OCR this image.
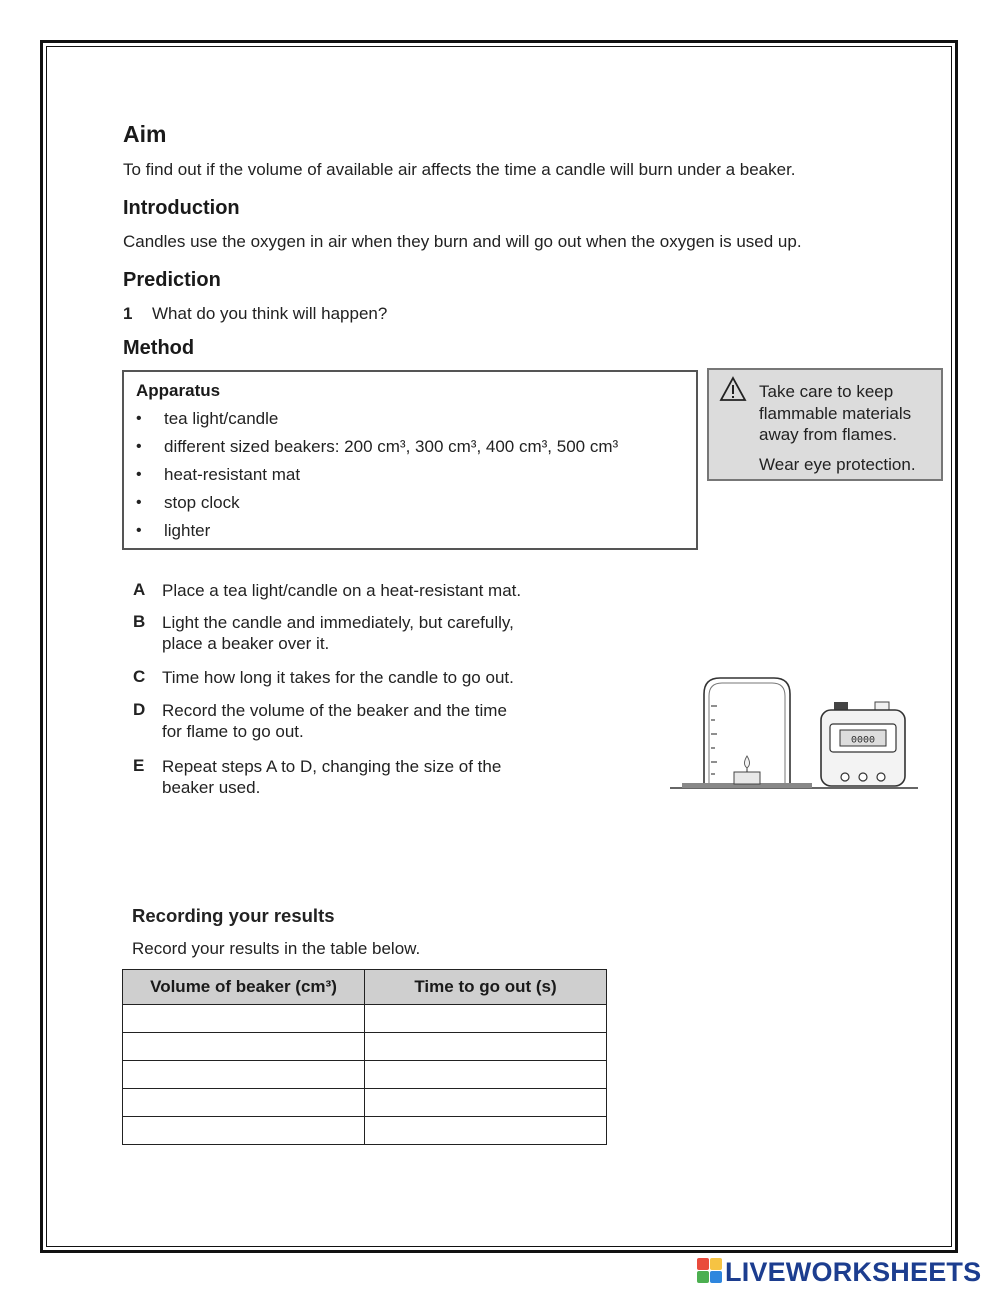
Aim
To find out if the volume of available air affects the time a candle will burn under a beaker.
Introduction
Candles use the oxygen in air when they burn and will go out when the oxygen is used up.
Prediction
1 What do you think will happen?
Method
Apparatus
•	tea light/candle
•	different sized beakers: 200 cm³, 300 cm³, 400 cm³, 500 cm³
•	heat-resistant mat
•	stop clock
•	lighter
Take care to keep
flammable materials
away from flames.
Wear eye protection.
A Place a tea light/candle on a heat-resistant mat.
B Light the candle and immediately, but carefully,
place a beaker over it.
C Time how long it takes for the candle to go out.
D Record the volume of the beaker and the time
for flame to go out.
E Repeat steps A to D, changing the size of the
beaker used.
0000
Recording your results
Record your results in the table below.
Volume of beaker (cm³)	Time to go out (s)

LIVEWORKSHEETS
